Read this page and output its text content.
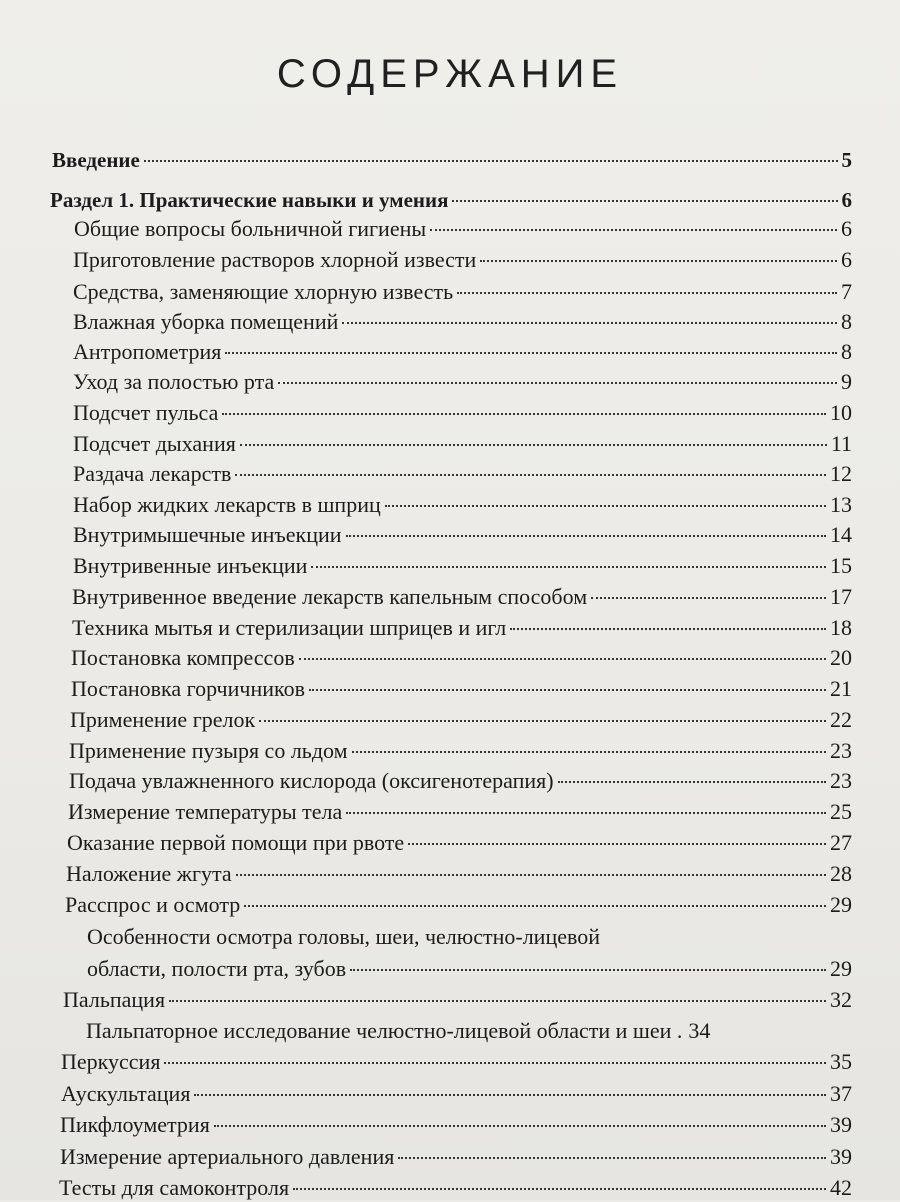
СОДЕРЖАНИЕ
Введение	5
Раздел 1. Практические навыки и умения	6
Общие вопросы больничной гигиены	6
Приготовление растворов хлорной извести	6
Средства, заменяющие хлорную известь	7
Влажная уборка помещений	8
Антропометрия	8
Уход за полостью рта	9
Подсчет пульса	10
Подсчет дыхания	11
Раздача лекарств	12
Набор жидких лекарств в шприц	13
Внутримышечные инъекции	14
Внутривенные инъекции	15
Внутривенное введение лекарств капельным способом	17
Техника мытья и стерилизации шприцев и игл	18
Постановка компрессов	20
Постановка горчичников	21
Применение грелок	22
Применение пузыря со льдом	23
Подача увлажненного кислорода (оксигенотерапия)	23
Измерение температуры тела	25
Оказание первой помощи при рвоте	27
Наложение жгута	28
Расспрос и осмотр	29
Особенности осмотра головы, шеи, челюстно-лицевой
области, полости рта, зубов	29
Пальпация	32
Пальпаторное исследование челюстно-лицевой области и шеи . 34
Перкуссия	35
Аускультация	37
Пикфлоуметрия	39
Измерение артериального давления	39
Тесты для самоконтроля	42
